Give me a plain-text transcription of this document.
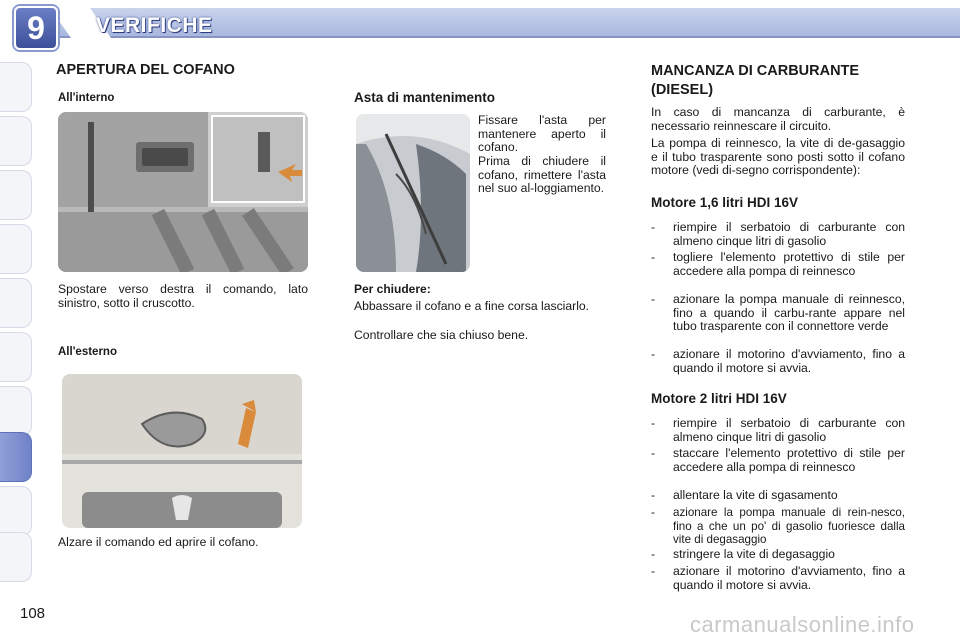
9	VERIFICHE
APERTURA DEL COFANO
All'interno
Spostare verso destra il comando, lato sinistro, sotto il cruscotto.
All'esterno
Alzare il comando ed aprire il cofano.
Asta di mantenimento
Fissare l'asta per mantenere aperto il cofano.
Prima di chiudere il cofano, rimettere l'asta nel suo al-loggiamento.
Per chiudere:
Abbassare il cofano e a fine corsa lasciarlo.
Controllare che sia chiuso bene.
MANCANZA DI CARBURANTE (DIESEL)
In caso di mancanza di carburante, è necessario reinnescare il circuito.
La pompa di reinnesco, la vite di de-gasaggio e il tubo trasparente sono posti sotto il cofano motore (vedi di-segno corrispondente):
Motore 1,6 litri HDI 16V
- riempire il serbatoio di carburante con almeno cinque litri di gasolio
- togliere l'elemento protettivo di stile per accedere alla pompa di reinnesco
- azionare la pompa manuale di reinnesco, fino a quando il carbu-rante appare nel tubo trasparente con il connettore verde
- azionare il motorino d'avviamento, fino a quando il motore si avvia.
Motore 2 litri HDI 16V
- riempire il serbatoio di carburante con almeno cinque litri di gasolio
- staccare l'elemento protettivo di stile per accedere alla pompa di reinnesco
- allentare la vite di sgasamento
- azionare la pompa manuale di rein-nesco, fino a che un po' di gasolio fuoriesce dalla vite di degasaggio
- stringere la vite di degasaggio
- azionare il motorino d'avviamento, fino a quando il motore si avvia.
108	carmanualsonline.info
